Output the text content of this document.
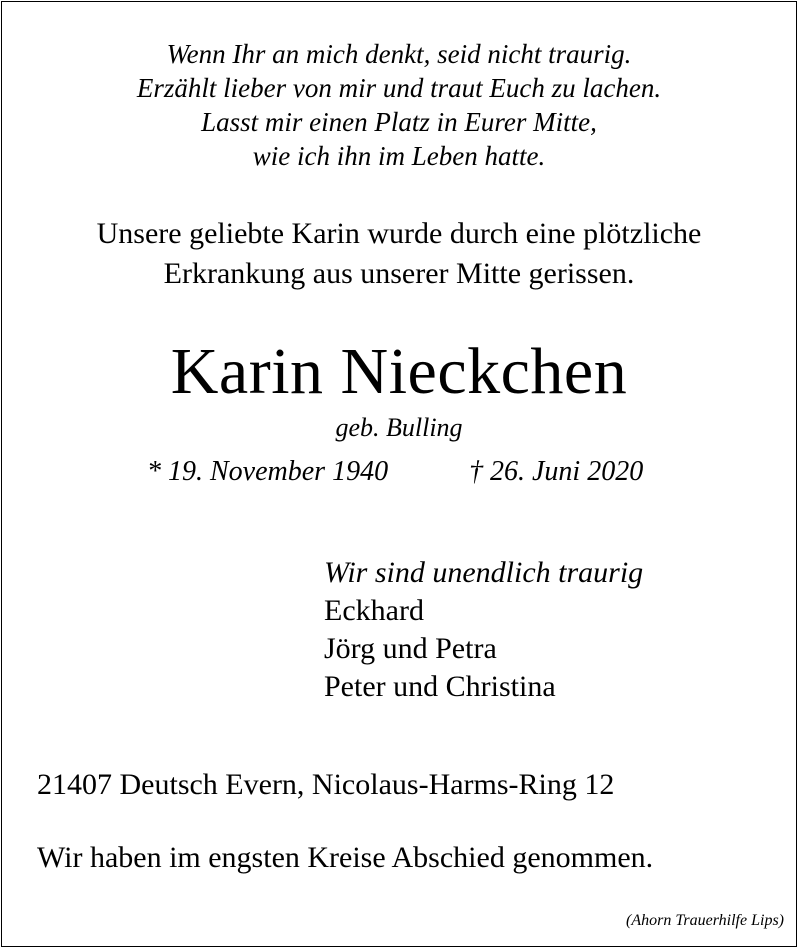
Wenn Ihr an mich denkt, seid nicht traurig.
Erzählt lieber von mir und traut Euch zu lachen.
Lasst mir einen Platz in Eurer Mitte,
wie ich ihn im Leben hatte.
Unsere geliebte Karin wurde durch eine plötzliche
Erkrankung aus unserer Mitte gerissen.
Karin Nieckchen
geb. Bulling
* 19. November 1940	† 26. Juni 2020
Wir sind unendlich traurig
Eckhard
Jörg und Petra
Peter und Christina
21407 Deutsch Evern, Nicolaus-Harms-Ring 12
Wir haben im engsten Kreise Abschied genommen.
(Ahorn Trauerhilfe Lips)
